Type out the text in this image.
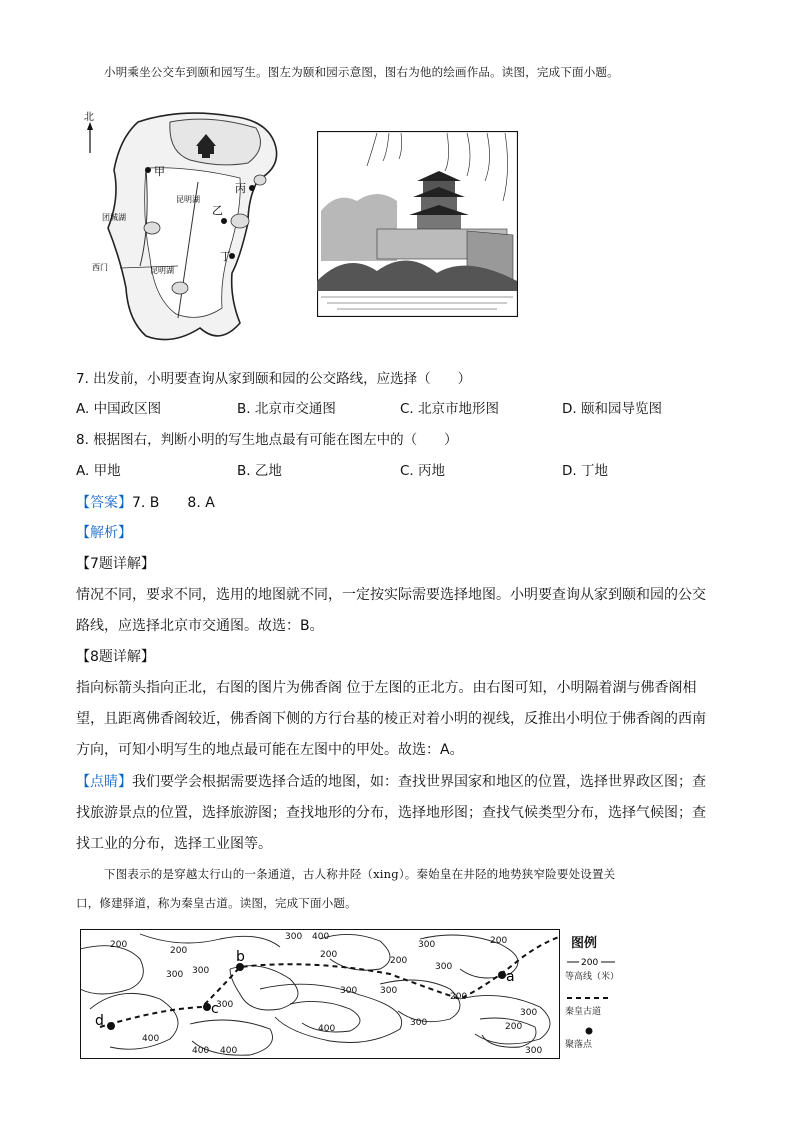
小明乘坐公交车到颐和园写生。图左为颐和园示意图，图右为他的绘画作品。读图，完成下面小题。
北
甲
丙
乙
丁
昆明湖
昆明湖
团城湖
西门
7. 出发前，小明要查询从家到颐和园的公交路线，应选择（　　）
A. 中国政区图	B. 北京市交通图	C. 北京市地形图	D. 颐和园导览图
8. 根据图右，判断小明的写生地点最有可能在图左中的（　　）
A. 甲地	B. 乙地	C. 丙地	D. 丁地
【答案】7. B　　8. A
【解析】
【7题详解】
情况不同，要求不同，选用的地图就不同，一定按实际需要选择地图。小明要查询从家到颐和园的公交
路线，应选择北京市交通图。故选：B。
【8题详解】
指向标箭头指向正北，右图的图片为佛香阁 位于左图的正北方。由右图可知，小明隔着湖与佛香阁相
望，且距离佛香阁较近，佛香阁下侧的方行台基的棱正对着小明的视线，反推出小明位于佛香阁的西南
方向，可知小明写生的地点最可能在左图中的甲处。故选：A。
【点睛】我们要学会根据需要选择合适的地图，如：查找世界国家和地区的位置，选择世界政区图；查
找旅游景点的位置，选择旅游图；查找地形的分布，选择地形图；查找气候类型分布，选择气候图；查
找工业的分布，选择工业图等。
下图表示的是穿越太行山的一条通道，古人称井陉（xing）。秦始皇在井陉的地势狭窄险要处设置关
口，修建驿道，称为秦皇古道。读图，完成下面小题。
a
b
c
d
200
300 400	200
200
200
300
300
300	300
400
300
200
300
200
300
400 400
300
300
400
200
300	图例
200
等高线（米）
秦皇古道
聚落点
